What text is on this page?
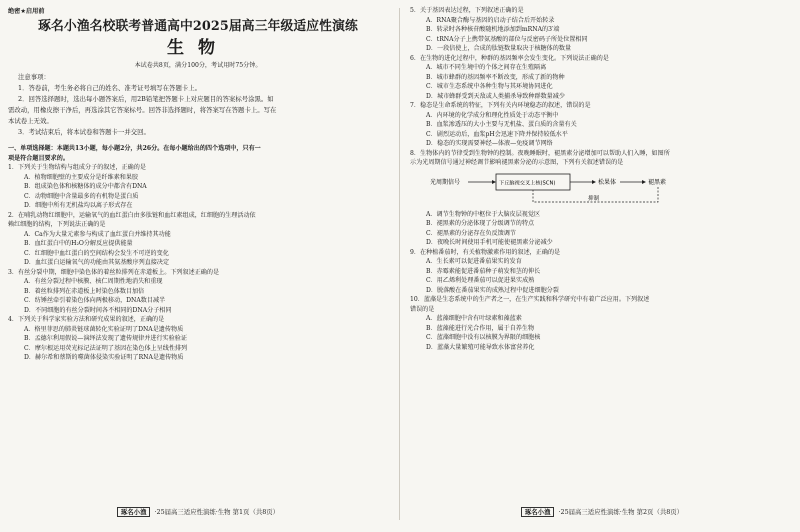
绝密★启用前
琢名小渔名校联考普通高中2025届高三年级适应性演练
生物
本试卷共8页，满分100分，考试用时75分钟。
注意事项：
1．答卷前，考生务必将自己的姓名、准考证号填写在答题卡上。
2．回答选择题时，选出每小题答案后，用2B铅笔把答题卡上对应题目的答案标号涂黑。如
需改动，用橡皮擦干净后，再选涂其它答案标号。回答非选择题时，将答案写在答题卡上。写在
本试卷上无效。
3．考试结束后，将本试卷和答题卡一并交回。
一、单项选择题：本题共13小题，每小题2分，共26分。在每小题给出的四个选项中，只有一
项是符合题目要求的。
1．下列关于生物结构与组成分子的叙述，正确的是
A．植物细胞壁的主要成分是纤维素和果胶
B．组成染色体和核糖体的成分中都含有DNA
C．动物细胞中含量最多的有机物是蛋白质
D．细胞中所有无机盐均以离子形式存在
2．在哺乳动物红细胞中，运输氧气的血红蛋白由多肽链和血红素组成，红细胞的生理活动依
赖红细胞的结构，下列说法正确的是
A．Ca作为大量元素参与构成了血红蛋白并维持其功能
B．血红蛋白中的H₂O分解反应提供能量
C．红细胞中血红蛋白的空间结构会发生不可逆的变化
D．血红蛋白运输氧气的功能由其氨基酸序列直接决定
3．有丝分裂中期，细胞中染色体的着丝粒排列在赤道板上。下列叙述正确的是
A．有丝分裂过程中核膜、核仁周期性地消失和重现
B．着丝粒排列在赤道板上时染色体数目加倍
C．纺锤丝牵引着染色体向两极移动，DNA数目减半
D．不同细胞的有丝分裂时间各不相同的DNA分子相同
4．下列关于科学家实验方法和研究成果的叙述，正确的是
A．格里菲思的肺炎链球菌转化实验证明了DNA是遗传物质
B．孟德尔利用假说—演绎法发现了遗传规律并进行实验验证
C．摩尔根运用荧光标记法证明了基因在染色体上呈线性排列
D．赫尔希和蔡斯的噬菌体侵染实验证明了RNA是遗传物质
5．关于基因表达过程，下列叙述正确的是
A．RNA聚合酶与基因的启动子结合后开始转录
B．转录时各种核苷酸随机地添加到mRNA的3′端
C．tRNA分子上携带氨基酸的部位与反密码子所处位置相同
D．一段信使上，合成的肽链数量取决于核糖体的数量
6．在生物的进化过程中，种群的基因频率会发生变化。下列说法正确的是
A．城市不同生境中的个体之间存在生殖隔离
B．城市蜂群的基因频率不断改变，形成了新的物种
C．城市生态系统中各种生物与其环境协同进化
D．城市蜂群受到天敌或人类捕杀导致种群数量减少
7．稳态是生命系统的特征，下列有关内环境稳态的叙述，错误的是
A．内环境的化学成分和理化性质处于动态平衡中
B．血浆渗透压的大小主要与无机盐、蛋白质的含量有关
C．剧烈运动后，血浆pH会迅速下降并保持较低水平
D．稳态的实现需要神经—体液—免疫调节网络
8．生物体内的节律受到生物钟的控制。夜晚睡眠时，褪黑素分泌增加可以帮助人们入睡，如图所
示为光周期信号通过神经调节影响褪黑素分泌的示意图，下列有关叙述错误的是
光周期信号	下丘脑视交叉上核(SCN)	松果体	褪黑素
抑制
A．调节生物钟的中枢位于大脑皮层视觉区
B．褪黑素的分泌体现了分级调节的特点
C．褪黑素的分泌存在负反馈调节
D．夜晚长时间使用手机可能使褪黑素分泌减少
9．在种植番茄时，有关植物激素作用的叙述，正确的是
A．生长素可以促进番茄果实的发育
B．赤霉素能促进番茄种子萌发和茎的伸长
C．用乙烯利处理番茄可以促进果实成熟
D．脱落酸在番茄果实的成熟过程中促进细胞分裂
10．蓝藻是生态系统中的生产者之一，在生产实践和科学研究中有着广泛应用。下列叙述
错误的是
A．蓝藻细胞中含有叶绿素和藻蓝素
B．蓝藻能进行光合作用，属于自养生物
C．蓝藻细胞中没有以核膜为界限的细胞核
D．蓝藻大量繁殖可能导致水体富营养化
琢名小渔 ·25届高三适应性演练·生物 第1页（共8页）	琢名小渔 ·25届高三适应性演练·生物 第2页（共8页）
